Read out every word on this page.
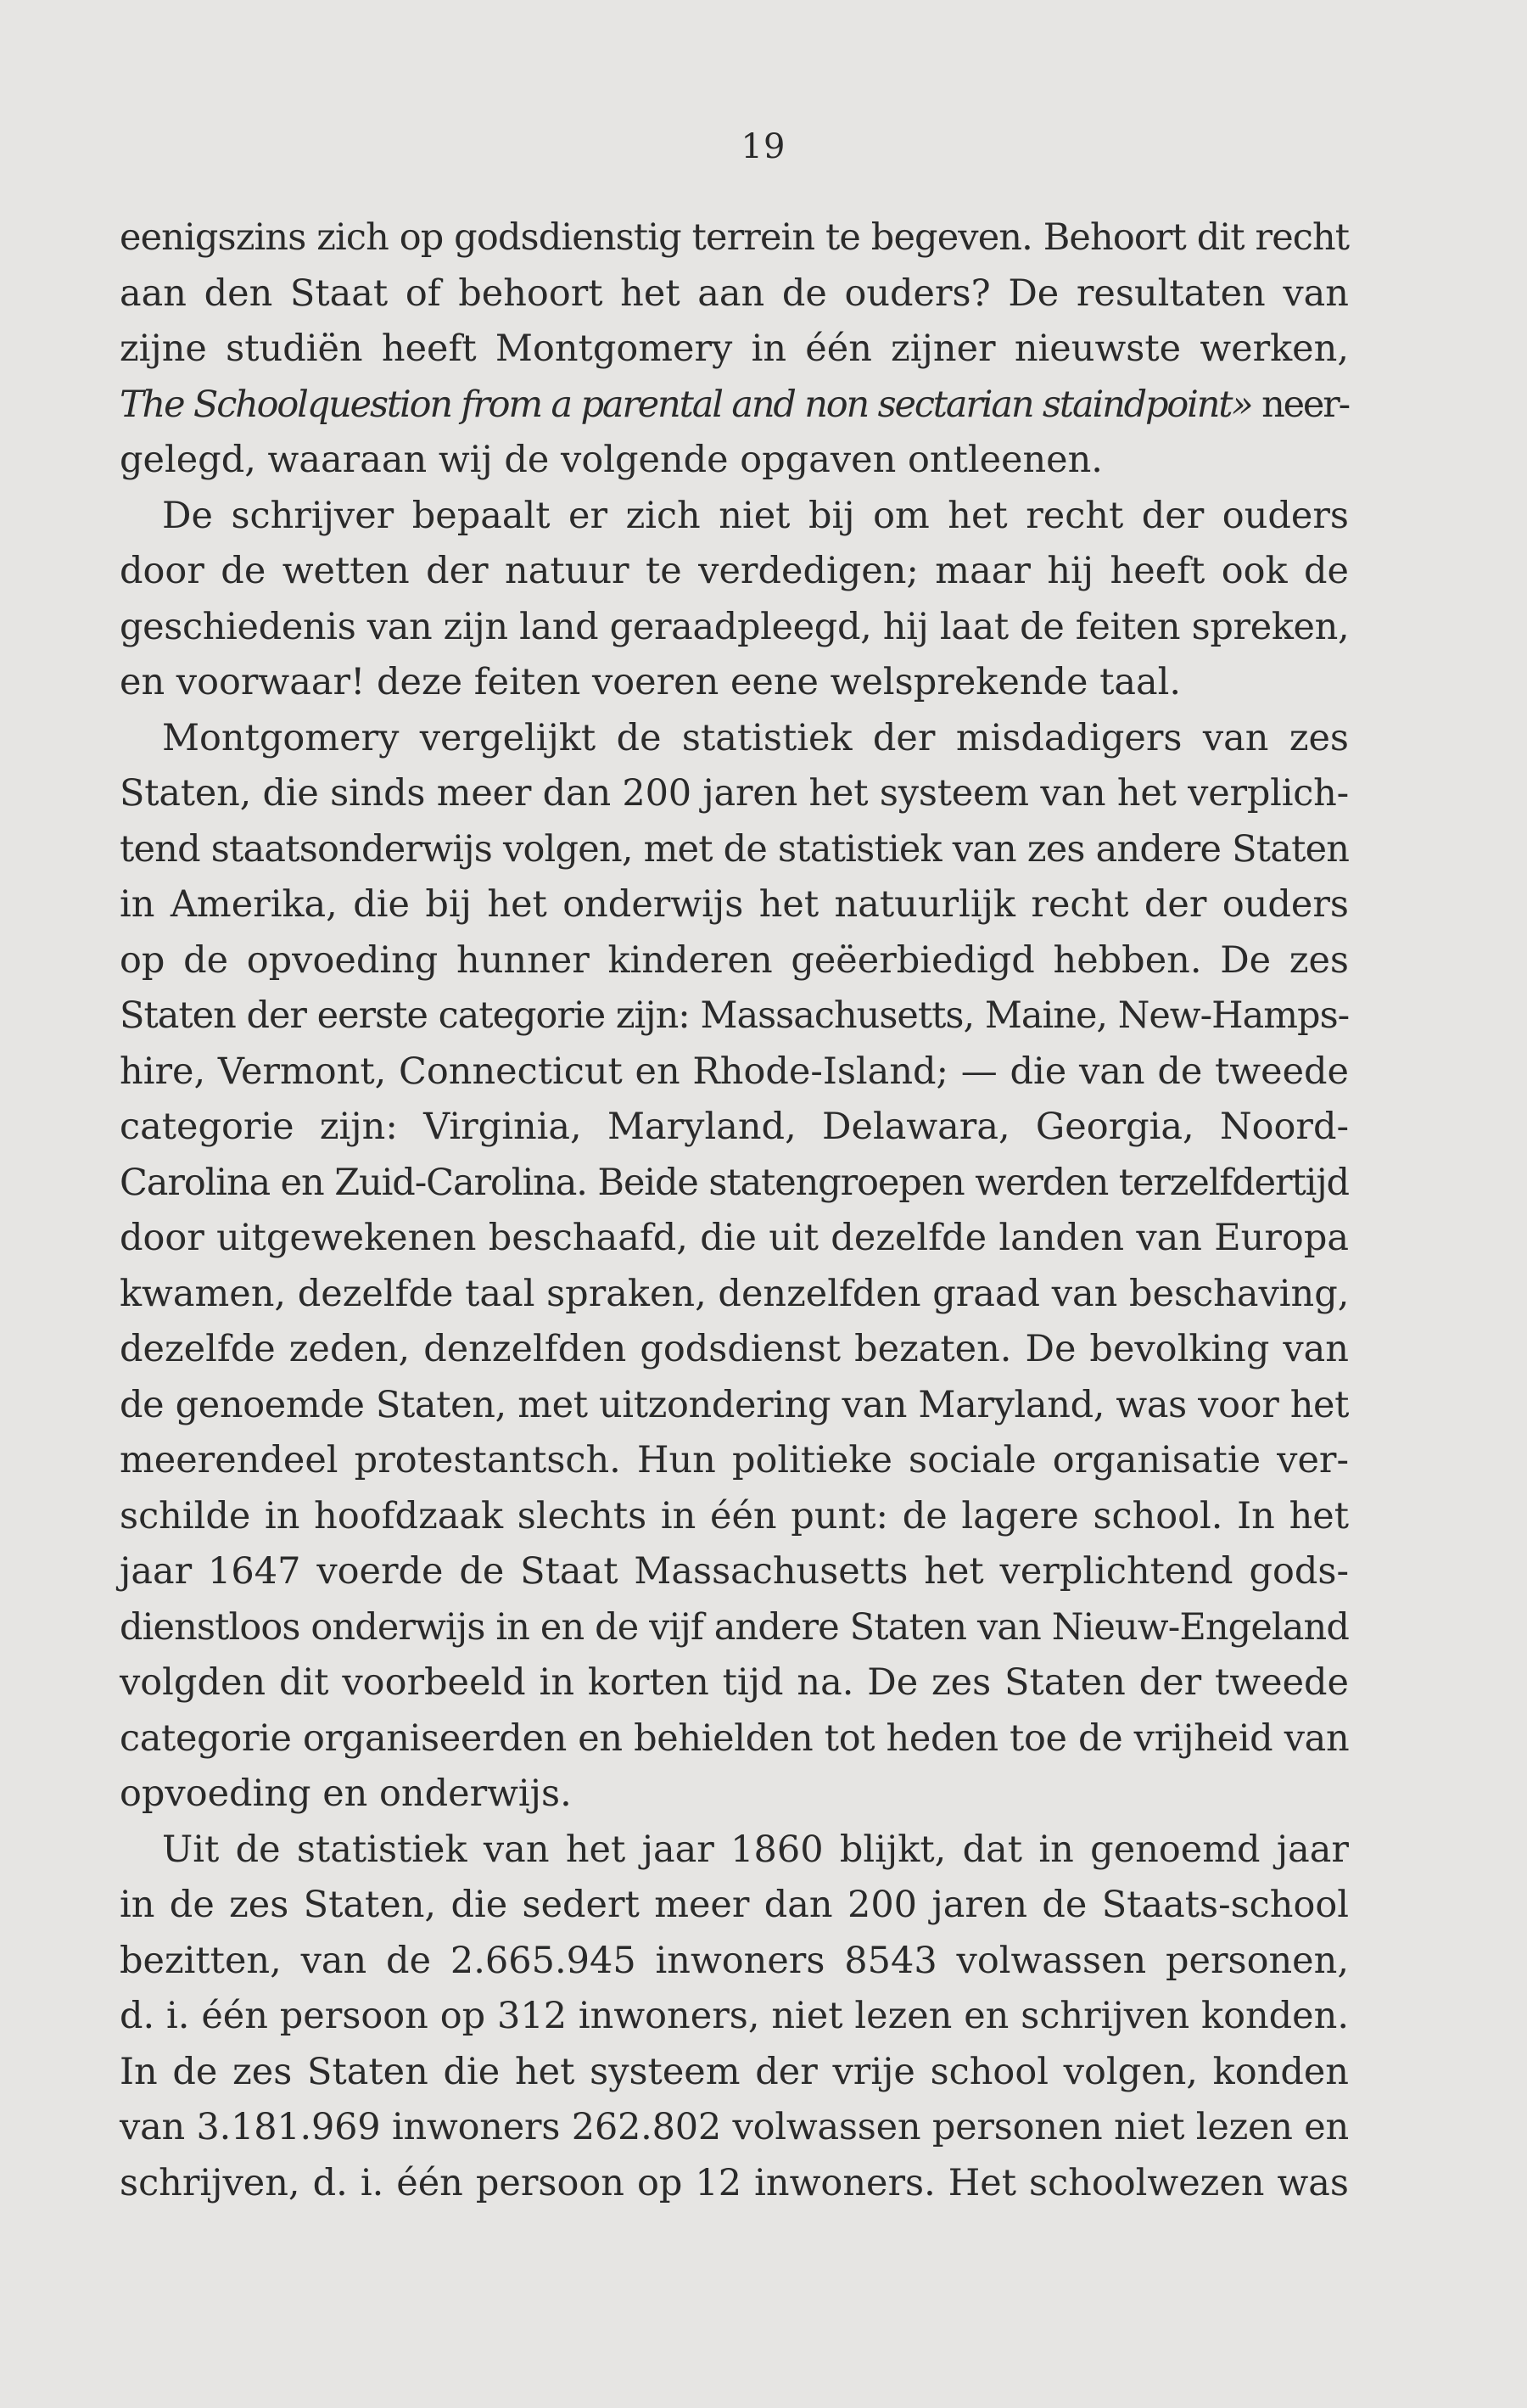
19
eenigszins zich op godsdienstig terrein te begeven. Behoort dit recht
aan den Staat of behoort het aan de ouders? De resultaten van
zijne studiën heeft Montgomery in één zijner nieuwste werken,
The Schoolquestion from a parental and non sectarian staindpoint» neer-
gelegd, waaraan wij de volgende opgaven ontleenen.
De schrijver bepaalt er zich niet bij om het recht der ouders
door de wetten der natuur te verdedigen; maar hij heeft ook de
geschiedenis van zijn land geraadpleegd, hij laat de feiten spreken,
en voorwaar! deze feiten voeren eene welsprekende taal.
Montgomery vergelijkt de statistiek der misdadigers van zes
Staten, die sinds meer dan 200 jaren het systeem van het verplich-
tend staatsonderwijs volgen, met de statistiek van zes andere Staten
in Amerika, die bij het onderwijs het natuurlijk recht der ouders
op de opvoeding hunner kinderen geëerbiedigd hebben. De zes
Staten der eerste categorie zijn: Massachusetts, Maine, New-Hamps-
hire, Vermont, Connecticut en Rhode-Island; — die van de tweede
categorie zijn: Virginia, Maryland, Delawara, Georgia, Noord-
Carolina en Zuid-Carolina. Beide statengroepen werden terzelfdertijd
door uitgewekenen beschaafd, die uit dezelfde landen van Europa
kwamen, dezelfde taal spraken, denzelfden graad van beschaving,
dezelfde zeden, denzelfden godsdienst bezaten. De bevolking van
de genoemde Staten, met uitzondering van Maryland, was voor het
meerendeel protestantsch. Hun politieke sociale organisatie ver-
schilde in hoofdzaak slechts in één punt: de lagere school. In het
jaar 1647 voerde de Staat Massachusetts het verplichtend gods-
dienstloos onderwijs in en de vijf andere Staten van Nieuw-Engeland
volgden dit voorbeeld in korten tijd na. De zes Staten der tweede
categorie organiseerden en behielden tot heden toe de vrijheid van
opvoeding en onderwijs.
Uit de statistiek van het jaar 1860 blijkt, dat in genoemd jaar
in de zes Staten, die sedert meer dan 200 jaren de Staats-school
bezitten, van de 2.665.945 inwoners 8543 volwassen personen,
d. i. één persoon op 312 inwoners, niet lezen en schrijven konden.
In de zes Staten die het systeem der vrije school volgen, konden
van 3.181.969 inwoners 262.802 volwassen personen niet lezen en
schrijven, d. i. één persoon op 12 inwoners. Het schoolwezen was
